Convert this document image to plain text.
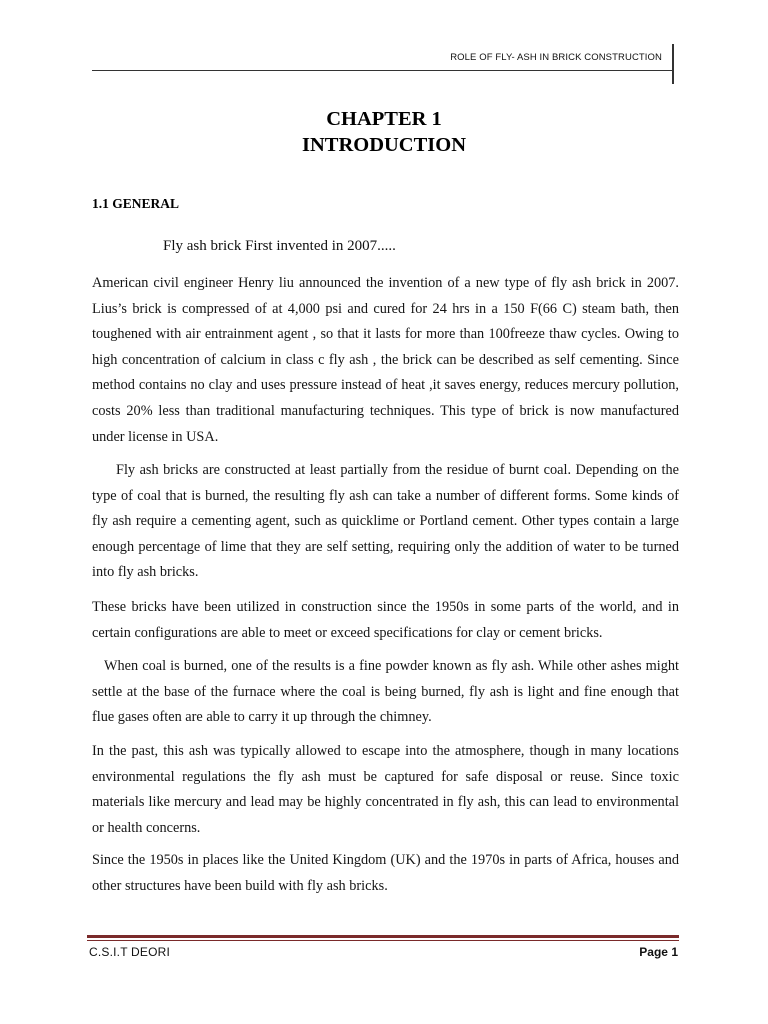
ROLE OF FLY- ASH IN BRICK CONSTRUCTION
CHAPTER 1
INTRODUCTION
1.1 GENERAL
Fly ash brick First invented in 2007.....
American civil engineer Henry liu announced the invention of a new type of fly ash brick in 2007. Lius’s brick is compressed of at 4,000 psi and cured for 24 hrs in a 150 F(66 C) steam bath, then toughened with air entrainment agent , so that it lasts for more than 100freeze thaw cycles. Owing to high concentration of calcium in class c fly ash , the brick can be described as self cementing. Since method contains no clay and uses pressure instead of heat ,it saves energy, reduces mercury pollution, costs 20% less than traditional manufacturing techniques. This type of brick is now manufactured under license in USA.
Fly ash bricks are constructed at least partially from the residue of burnt coal. Depending on the type of coal that is burned, the resulting fly ash can take a number of different forms. Some kinds of fly ash require a cementing agent, such as quicklime or Portland cement. Other types contain a large enough percentage of lime that they are self setting, requiring only the addition of water to be turned into fly ash bricks.
These bricks have been utilized in construction since the 1950s in some parts of the world, and in certain configurations are able to meet or exceed specifications for clay or cement bricks.
When coal is burned, one of the results is a fine powder known as fly ash. While other ashes might settle at the base of the furnace where the coal is being burned, fly ash is light and fine enough that flue gases often are able to carry it up through the chimney.
In the past, this ash was typically allowed to escape into the atmosphere, though in many locations environmental regulations the fly ash must be captured for safe disposal or reuse. Since toxic materials like mercury and lead may be highly concentrated in fly ash, this can lead to environmental or health concerns.
Since the 1950s in places like the United Kingdom (UK) and the 1970s in parts of Africa, houses and other structures have been build with fly ash bricks.
C.S.I.T DEORI	Page 1
